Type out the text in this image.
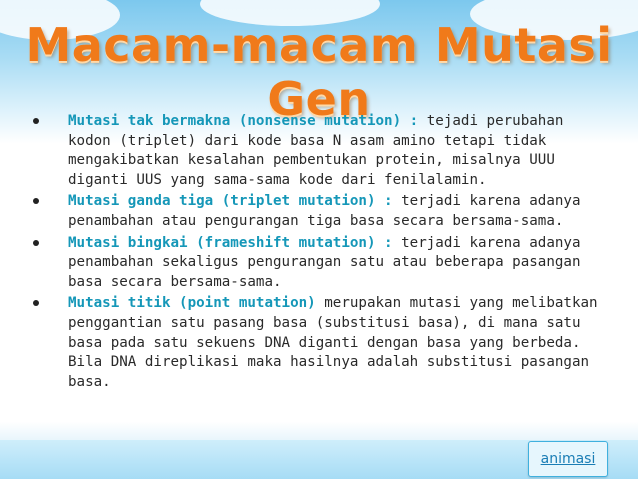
Macam-macam Mutasi Gen
Mutasi tak bermakna (nonsense mutation) : tejadi perubahan kodon (triplet) dari kode basa N asam amino tetapi tidak mengakibatkan kesalahan pembentukan protein, misalnya UUU diganti UUS yang sama-sama kode dari fenilalamin.
Mutasi ganda tiga (triplet mutation) : terjadi karena adanya penambahan atau pengurangan tiga basa secara bersama-sama.
Mutasi bingkai (frameshift mutation) : terjadi karena adanya penambahan sekaligus pengurangan satu atau beberapa pasangan basa secara bersama-sama.
Mutasi titik (point mutation) merupakan mutasi yang melibatkan penggantian satu pasang basa (substitusi basa), di mana satu basa pada satu sekuens DNA diganti dengan basa yang berbeda. Bila DNA direplikasi maka hasilnya adalah substitusi pasangan basa.
animasi
